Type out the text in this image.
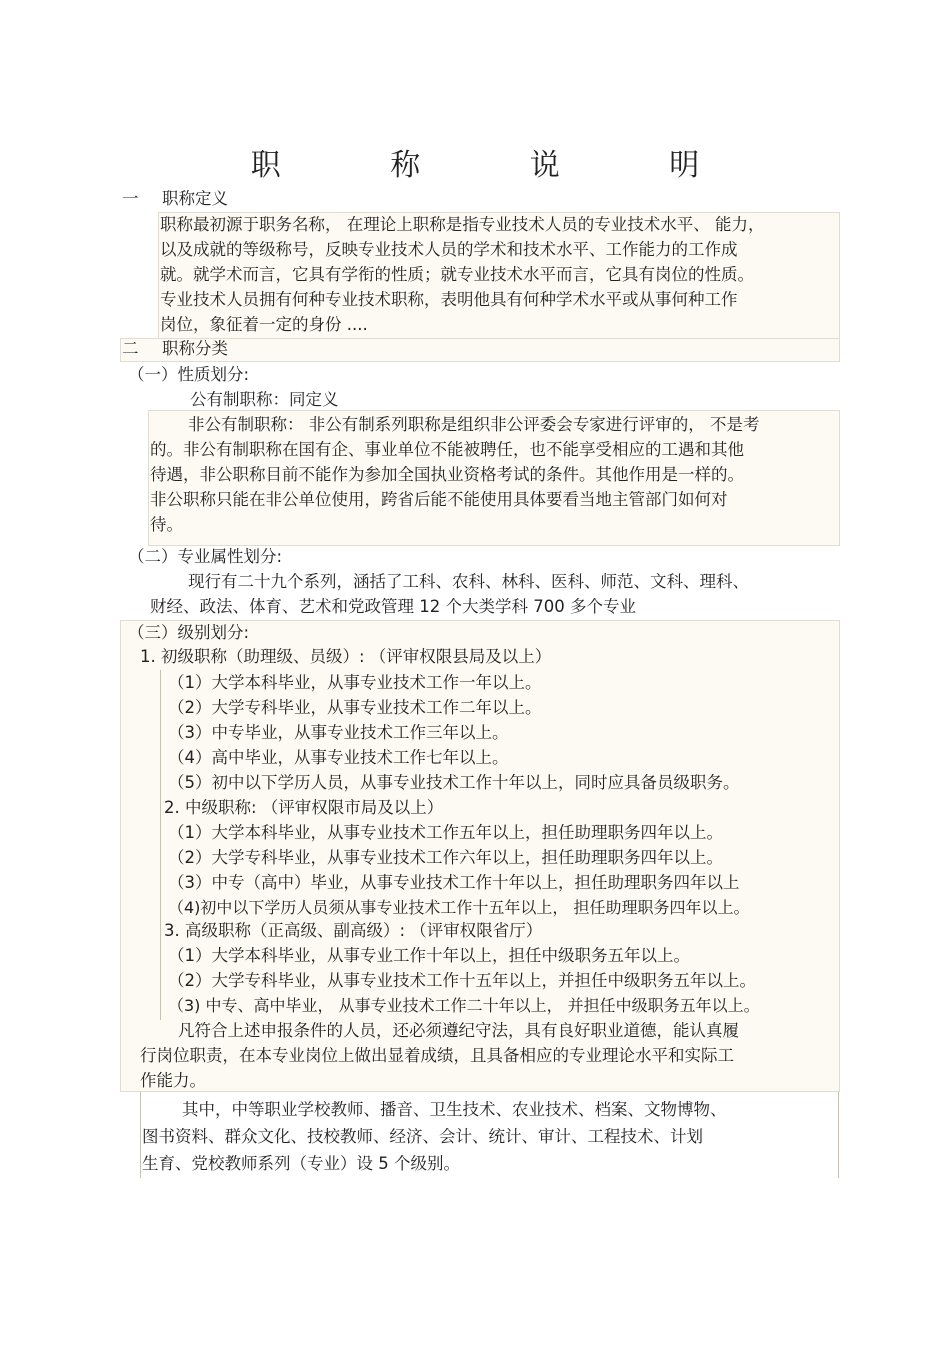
职 称 说 明
一 职称定义
职称最初源于职务名称， 在理论上职称是指专业技术人员的专业技术水平、 能力，
以及成就的等级称号，反映专业技术人员的学术和技术水平、工作能力的工作成
就。就学术而言，它具有学衔的性质；就专业技术水平而言，它具有岗位的性质。
专业技术人员拥有何种专业技术职称，表明他具有何种学术水平或从事何种工作
岗位，象征着一定的身份 ....
二 职称分类
（一）性质划分:
公有制职称：同定义
非公有制职称： 非公有制系列职称是组织非公评委会专家进行评审的， 不是考
的。非公有制职称在国有企、事业单位不能被聘任，也不能享受相应的工遇和其他
待遇，非公职称目前不能作为参加全国执业资格考试的条件。其他作用是一样的。
非公职称只能在非公单位使用，跨省后能不能使用具体要看当地主管部门如何对
待。
（二）专业属性划分:
现行有二十九个系列，涵括了工科、农科、林科、医科、师范、文科、理科、
财经、政法、体育、艺术和党政管理 12 个大类学科 700 多个专业
（三）级别划分:
1. 初级职称（助理级、员级）: （评审权限县局及以上）
（1）大学本科毕业，从事专业技术工作一年以上。
（2）大学专科毕业，从事专业技术工作二年以上。
（3）中专毕业，从事专业技术工作三年以上。
（4）高中毕业，从事专业技术工作七年以上。
（5）初中以下学历人员，从事专业技术工作十年以上，同时应具备员级职务。
2. 中级职称: （评审权限市局及以上）
（1）大学本科毕业，从事专业技术工作五年以上，担任助理职务四年以上。
（2）大学专科毕业，从事专业技术工作六年以上，担任助理职务四年以上。
（3）中专（高中）毕业，从事专业技术工作十年以上，担任助理职务四年以上
（4)初中以下学历人员须从事专业技术工作十五年以上， 担任助理职务四年以上。
3. 高级职称（正高级、副高级）: （评审权限省厅）
（1）大学本科毕业，从事专业工作十年以上，担任中级职务五年以上。
（2）大学专科毕业，从事专业技术工作十五年以上，并担任中级职务五年以上。
（3) 中专、高中毕业， 从事专业技术工作二十年以上， 并担任中级职务五年以上。
凡符合上述申报条件的人员，还必须遵纪守法，具有良好职业道德，能认真履
行岗位职责，在本专业岗位上做出显着成绩，且具备相应的专业理论水平和实际工
作能力。
其中，中等职业学校教师、播音、卫生技术、农业技术、档案、文物博物、
图书资料、群众文化、技校教师、经济、会计、统计、审计、工程技术、计划
生育、党校教师系列（专业）设 5 个级别。
